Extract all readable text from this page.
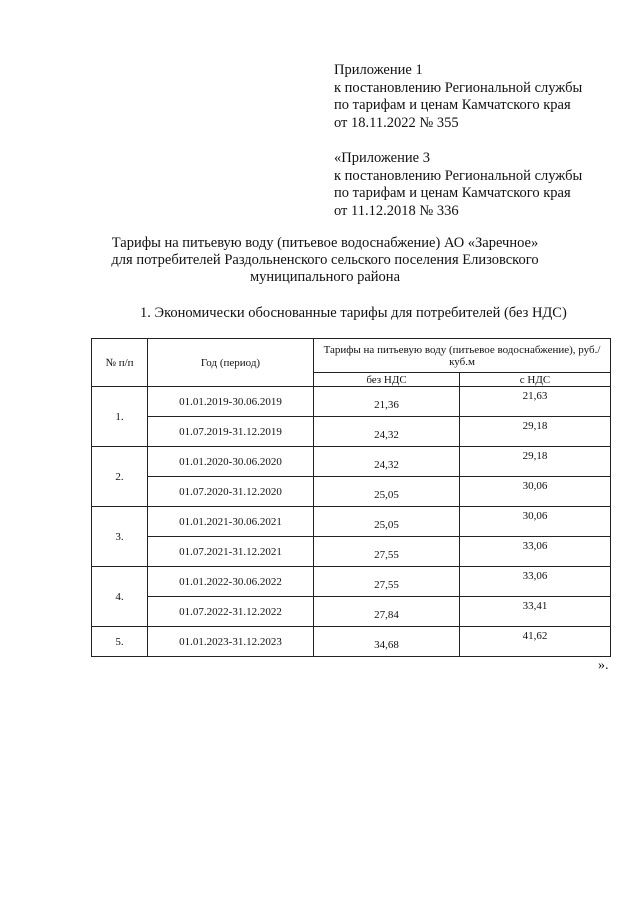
Приложение 1
к постановлению Региональной службы
по тарифам и ценам Камчатского края
от 18.11.2022 № 355
«Приложение 3
к постановлению Региональной службы
по тарифам и ценам Камчатского края
от 11.12.2018 № 336
Тарифы на питьевую воду (питьевое водоснабжение) АО «Заречное»
для потребителей Раздольненского сельского поселения Елизовского
муниципального района
1. Экономически обоснованные тарифы для потребителей (без НДС)
№ п/п	Год (период)	Тарифы на питьевую воду (питьевое водоснабжение), руб./куб.м	
		без НДС	с НДС
1.	01.01.2019-30.06.2019	21,36	21,63
	01.07.2019-31.12.2019	24,32	29,18
2.	01.01.2020-30.06.2020	24,32	29,18
	01.07.2020-31.12.2020	25,05	30,06
3.	01.01.2021-30.06.2021	25,05	30,06
	01.07.2021-31.12.2021	27,55	33,06
4.	01.01.2022-30.06.2022	27,55	33,06
	01.07.2022-31.12.2022	27,84	33,41
5.	01.01.2023-31.12.2023	34,68	41,62
».
